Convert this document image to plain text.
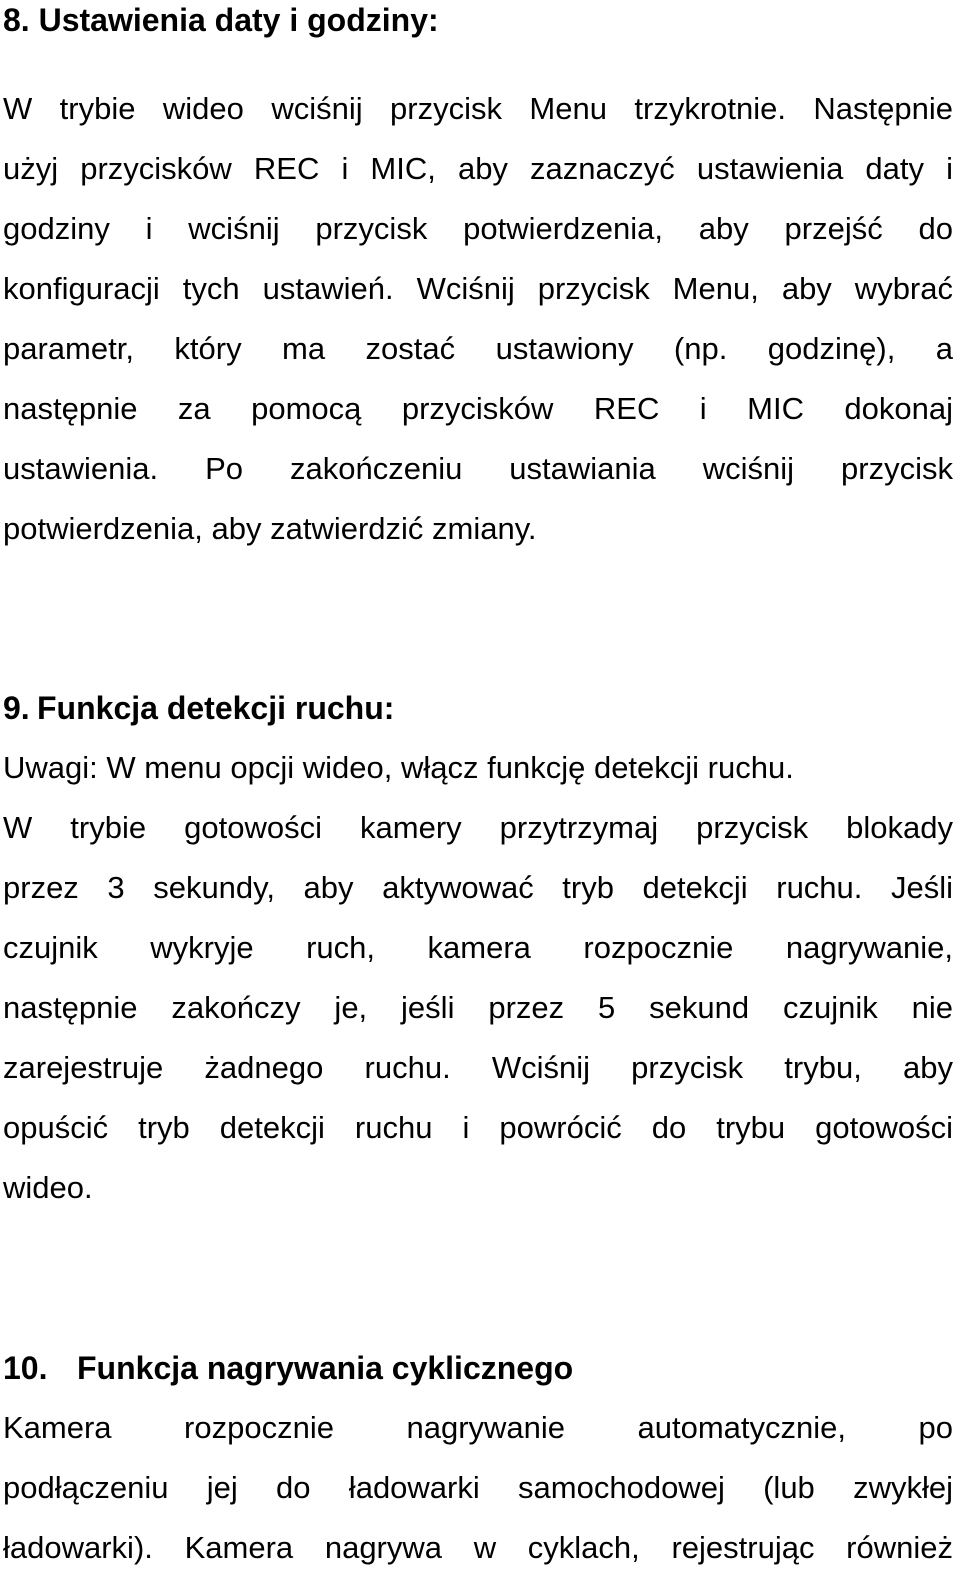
8. Ustawienia daty i godziny:
W trybie wideo wciśnij przycisk Menu trzykrotnie. Następnie
użyj przycisków REC i MIC, aby zaznaczyć ustawienia daty i
godziny i wciśnij przycisk potwierdzenia, aby przejść do
konfiguracji tych ustawień. Wciśnij przycisk Menu, aby wybrać
parametr, który ma zostać ustawiony (np. godzinę), a
następnie za pomocą przycisków REC i MIC dokonaj
ustawienia. Po zakończeniu ustawiania wciśnij przycisk
potwierdzenia, aby zatwierdzić zmiany.
9. Funkcja detekcji ruchu:
Uwagi: W menu opcji wideo, włącz funkcję detekcji ruchu.
W trybie gotowości kamery przytrzymaj przycisk blokady
przez 3 sekundy, aby aktywować tryb detekcji ruchu. Jeśli
czujnik wykryje ruch, kamera rozpocznie nagrywanie,
następnie zakończy je, jeśli przez 5 sekund czujnik nie
zarejestruje żadnego ruchu. Wciśnij przycisk trybu, aby
opuścić tryb detekcji ruchu i powrócić do trybu gotowości
wideo.
10. Funkcja nagrywania cyklicznego
Kamera rozpocznie nagrywanie automatycznie, po
podłączeniu jej do ładowarki samochodowej (lub zwykłej
ładowarki). Kamera nagrywa w cyklach, rejestrując również
